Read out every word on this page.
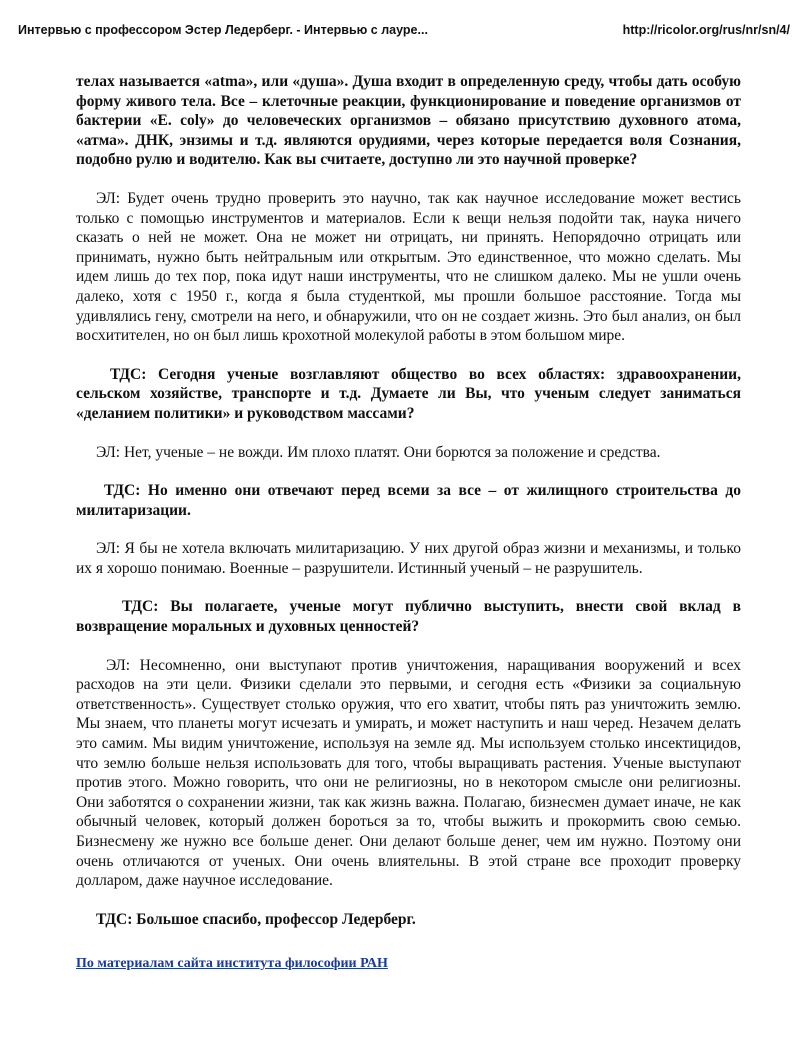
Интервью с профессором Эстер Ледерберг. - Интервью с лауре...	http://ricolor.org/rus/nr/sn/4/

телах называется «atma», или «душа». Душа входит в определенную среду, чтобы дать особую форму живого тела. Все – клеточные реакции, функционирование и поведение организмов от бактерии «E. coly» до человеческих организмов – обязано присутствию духовного атома, «атма». ДНК, энзимы и т.д. являются орудиями, через которые передается воля Сознания, подобно рулю и водителю. Как вы считаете, доступно ли это научной проверке?

ЭЛ: Будет очень трудно проверить это научно, так как научное исследование может вестись только с помощью инструментов и материалов. Если к вещи нельзя подойти так, наука ничего сказать о ней не может. Она не может ни отрицать, ни принять. Непорядочно отрицать или принимать, нужно быть нейтральным или открытым. Это единственное, что можно сделать. Мы идем лишь до тех пор, пока идут наши инструменты, что не слишком далеко. Мы не ушли очень далеко, хотя с 1950 г., когда я была студенткой, мы прошли большое расстояние. Тогда мы удивлялись гену, смотрели на него, и обнаружили, что он не создает жизнь. Это был анализ, он был восхитителен, но он был лишь крохотной молекулой работы в этом большом мире.

ТДС: Сегодня ученые возглавляют общество во всех областях: здравоохранении, сельском хозяйстве, транспорте и т.д. Думаете ли Вы, что ученым следует заниматься «деланием политики» и руководством массами?

ЭЛ: Нет, ученые – не вожди. Им плохо платят. Они борются за положение и средства.

ТДС: Но именно они отвечают перед всеми за все – от жилищного строительства до милитаризации.

ЭЛ: Я бы не хотела включать милитаризацию. У них другой образ жизни и механизмы, и только их я хорошо понимаю. Военные – разрушители. Истинный ученый – не разрушитель.

ТДС: Вы полагаете, ученые могут публично выступить, внести свой вклад в возвращение моральных и духовных ценностей?

ЭЛ: Несомненно, они выступают против уничтожения, наращивания вооружений и всех расходов на эти цели. Физики сделали это первыми, и сегодня есть «Физики за социальную ответственность». Существует столько оружия, что его хватит, чтобы пять раз уничтожить землю. Мы знаем, что планеты могут исчезать и умирать, и может наступить и наш черед. Незачем делать это самим. Мы видим уничтожение, используя на земле яд. Мы используем столько инсектицидов, что землю больше нельзя использовать для того, чтобы выращивать растения. Ученые выступают против этого. Можно говорить, что они не религиозны, но в некотором смысле они религиозны. Они заботятся о сохранении жизни, так как жизнь важна. Полагаю, бизнесмен думает иначе, не как обычный человек, который должен бороться за то, чтобы выжить и прокормить свою семью. Бизнесмену же нужно все больше денег. Они делают больше денег, чем им нужно. Поэтому они очень отличаются от ученых. Они очень влиятельны. В этой стране все проходит проверку долларом, даже научное исследование.

ТДС: Большое спасибо, профессор Ледерберг.

По материалам сайта института философии РАН
